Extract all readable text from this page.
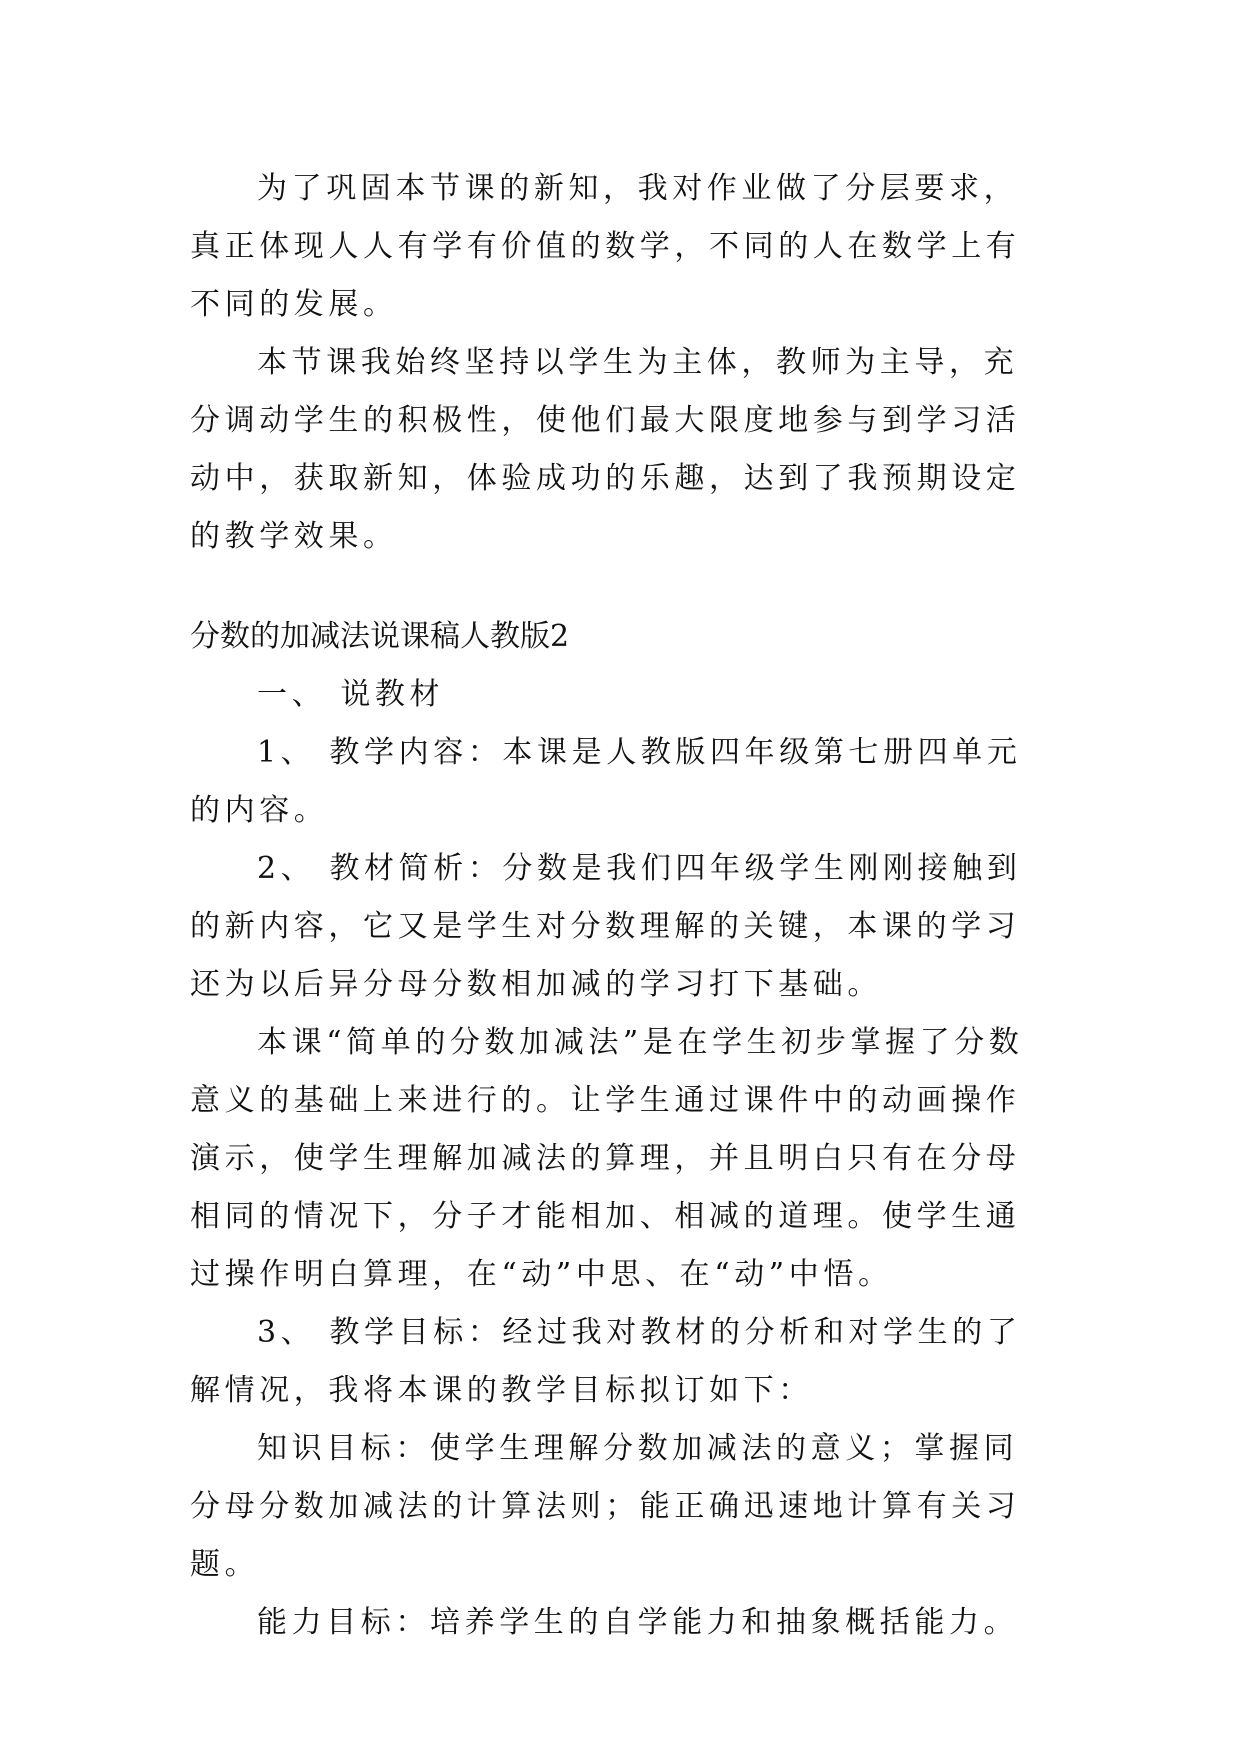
为了巩固本节课的新知，我对作业做了分层要求，真正体现人人有学有价值的数学，不同的人在数学上有不同的发展。

本节课我始终坚持以学生为主体，教师为主导，充分调动学生的积极性，使他们最大限度地参与到学习活动中，获取新知，体验成功的乐趣，达到了我预期设定的教学效果。

分数的加减法说课稿人教版2

一、 说教材

1、 教学内容：本课是人教版四年级第七册四单元的内容。

2、 教材简析：分数是我们四年级学生刚刚接触到的新内容，它又是学生对分数理解的关键，本课的学习还为以后异分母分数相加减的学习打下基础。

本课“简单的分数加减法”是在学生初步掌握了分数意义的基础上来进行的。让学生通过课件中的动画操作演示，使学生理解加减法的算理，并且明白只有在分母相同的情况下，分子才能相加、相减的道理。使学生通过操作明白算理，在“动”中思、在“动”中悟。

3、 教学目标：经过我对教材的分析和对学生的了解情况，我将本课的教学目标拟订如下：

知识目标：使学生理解分数加减法的意义；掌握同分母分数加减法的计算法则；能正确迅速地计算有关习题。

能力目标：培养学生的自学能力和抽象概括能力。
